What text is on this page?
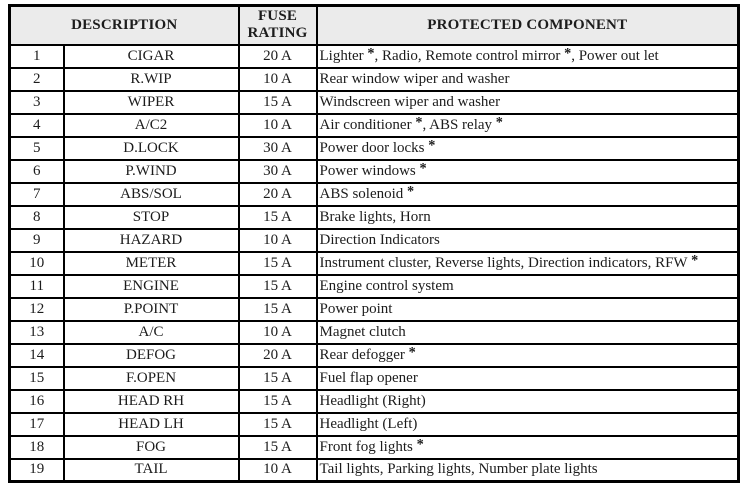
DESCRIPTION		FUSE RATING	PROTECTED COMPONENT
1	CIGAR	20 A	Lighter *, Radio, Remote control mirror *, Power out let
2	R.WIP	10 A	Rear window wiper and washer
3	WIPER	15 A	Windscreen wiper and washer
4	A/C2	10 A	Air conditioner *, ABS relay *
5	D.LOCK	30 A	Power door locks *
6	P.WIND	30 A	Power windows *
7	ABS/SOL	20 A	ABS solenoid *
8	STOP	15 A	Brake lights, Horn
9	HAZARD	10 A	Direction Indicators
10	METER	15 A	Instrument cluster, Reverse lights, Direction indicators, RFW *
11	ENGINE	15 A	Engine control system
12	P.POINT	15 A	Power point
13	A/C	10 A	Magnet clutch
14	DEFOG	20 A	Rear defogger *
15	F.OPEN	15 A	Fuel flap opener
16	HEAD RH	15 A	Headlight (Right)
17	HEAD LH	15 A	Headlight (Left)
18	FOG	15 A	Front fog lights *
19	TAIL	10 A	Tail lights, Parking lights, Number plate lights
